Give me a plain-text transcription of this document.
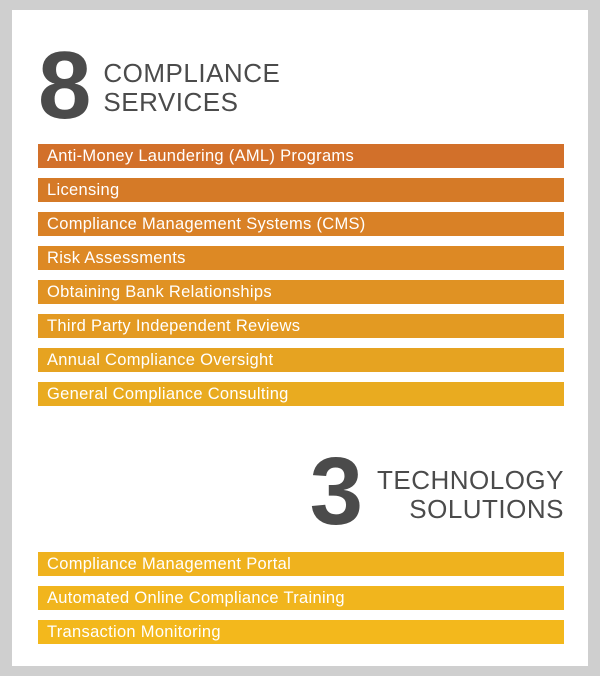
8 COMPLIANCE
SERVICES
Anti-Money Laundering (AML) Programs
Licensing
Compliance Management Systems (CMS)
Risk Assessments
Obtaining Bank Relationships
Third Party Independent Reviews
Annual Compliance Oversight
General Compliance Consulting
3 TECHNOLOGY
SOLUTIONS
Compliance Management Portal
Automated Online Compliance Training
Transaction Monitoring
